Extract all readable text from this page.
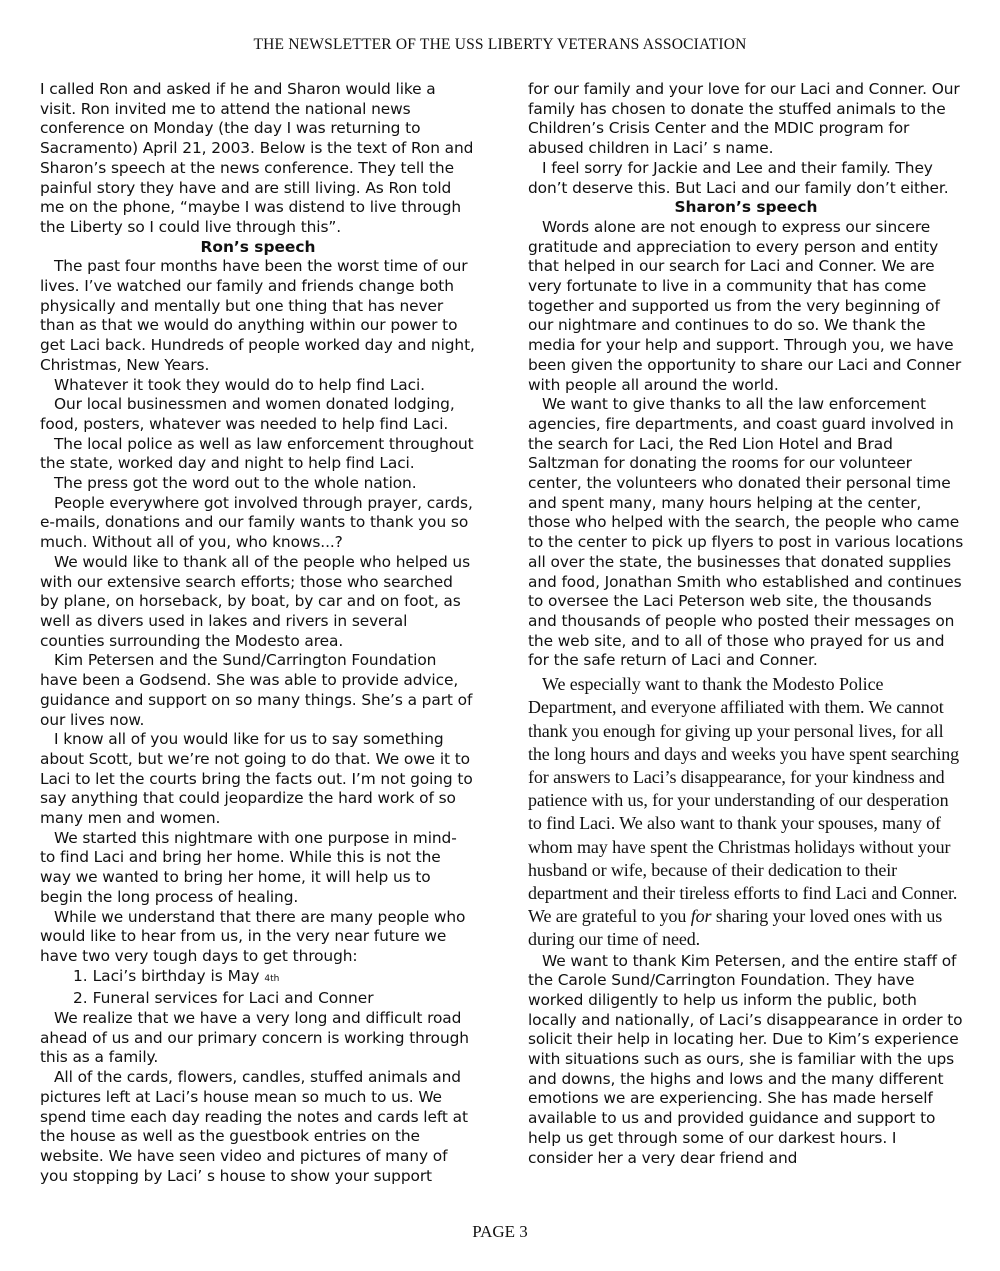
THE NEWSLETTER OF THE USS LIBERTY VETERANS ASSOCIATION

I called Ron and asked if he and Sharon would like a visit. Ron invited me to attend the national news conference on Monday (the day I was returning to Sacramento) April 21, 2003. Below is the text of Ron and Sharon’s speech at the news conference. They tell the painful story they have and are still living. As Ron told me on the phone, “maybe I was distend to live through the Liberty so I could live through this”.

Ron’s speech

The past four months have been the worst time of our lives. I’ve watched our family and friends change both physically and mentally but one thing that has never than as that we would do anything within our power to get Laci back. Hundreds of people worked day and night, Christmas, New Years.

Whatever it took they would do to help find Laci.

Our local businessmen and women donated lodging, food, posters, whatever was needed to help find Laci.

The local police as well as law enforcement throughout the state, worked day and night to help find Laci.

The press got the word out to the whole nation.

People everywhere got involved through prayer, cards, e-mails, donations and our family wants to thank you so much. Without all of you, who knows...?

We would like to thank all of the people who helped us with our extensive search efforts; those who searched by plane, on horseback, by boat, by car and on foot, as well as divers used in lakes and rivers in several counties surrounding the Modesto area.

Kim Petersen and the Sund/Carrington Foundation have been a Godsend. She was able to provide advice, guidance and support on so many things. She’s a part of our lives now.

I know all of you would like for us to say something about Scott, but we’re not going to do that. We owe it to Laci to let the courts bring the facts out. I’m not going to say anything that could jeopardize the hard work of so many men and women.

We started this nightmare with one purpose in mind- to find Laci and bring her home. While this is not the way we wanted to bring her home, it will help us to begin the long process of healing.

While we understand that there are many people who would like to hear from us, in the very near future we have two very tough days to get through:

1. Laci’s birthday is May 4th

2. Funeral services for Laci and Conner

We realize that we have a very long and difficult road ahead of us and our primary concern is working through this as a family.

All of the cards, flowers, candles, stuffed animals and pictures left at Laci’s house mean so much to us. We spend time each day reading the notes and cards left at the house as well as the guestbook entries on the website. We have seen video and pictures of many of you stopping by Laci’ s house to show your support

for our family and your love for our Laci and Conner. Our family has chosen to donate the stuffed animals to the Children’s Crisis Center and the MDIC program for abused children in Laci’ s name.

I feel sorry for Jackie and Lee and their family. They don’t deserve this. But Laci and our family don’t either.

Sharon’s speech

Words alone are not enough to express our sincere gratitude and appreciation to every person and entity that helped in our search for Laci and Conner. We are very fortunate to live in a community that has come together and supported us from the very beginning of our nightmare and continues to do so. We thank the media for your help and support. Through you, we have been given the opportunity to share our Laci and Conner with people all around the world.

We want to give thanks to all the law enforcement agencies, fire departments, and coast guard involved in the search for Laci, the Red Lion Hotel and Brad Saltzman for donating the rooms for our volunteer center, the volunteers who donated their personal time and spent many, many hours helping at the center, those who helped with the search, the people who came to the center to pick up flyers to post in various locations all over the state, the businesses that donated supplies and food, Jonathan Smith who established and continues to oversee the Laci Peterson web site, the thousands and thousands of people who posted their messages on the web site, and to all of those who prayed for us and for the safe return of Laci and Conner.

We especially want to thank the Modesto Police Department, and everyone affiliated with them. We cannot thank you enough for giving up your personal lives, for all the long hours and days and weeks you have spent searching for answers to Laci’s disappearance, for your kindness and patience with us, for your understanding of our desperation to find Laci. We also want to thank your spouses, many of whom may have spent the Christmas holidays without your husband or wife, because of their dedication to their department and their tireless efforts to find Laci and Conner. We are grateful to you for sharing your loved ones with us during our time of need.

We want to thank Kim Petersen, and the entire staff of the Carole Sund/Carrington Foundation. They have worked diligently to help us inform the public, both locally and nationally, of Laci’s disappearance in order to solicit their help in locating her. Due to Kim’s experience with situations such as ours, she is familiar with the ups and downs, the highs and lows and the many different emotions we are experiencing. She has made herself available to us and provided guidance and support to help us get through some of our darkest hours. I consider her a very dear friend and

PAGE 3
